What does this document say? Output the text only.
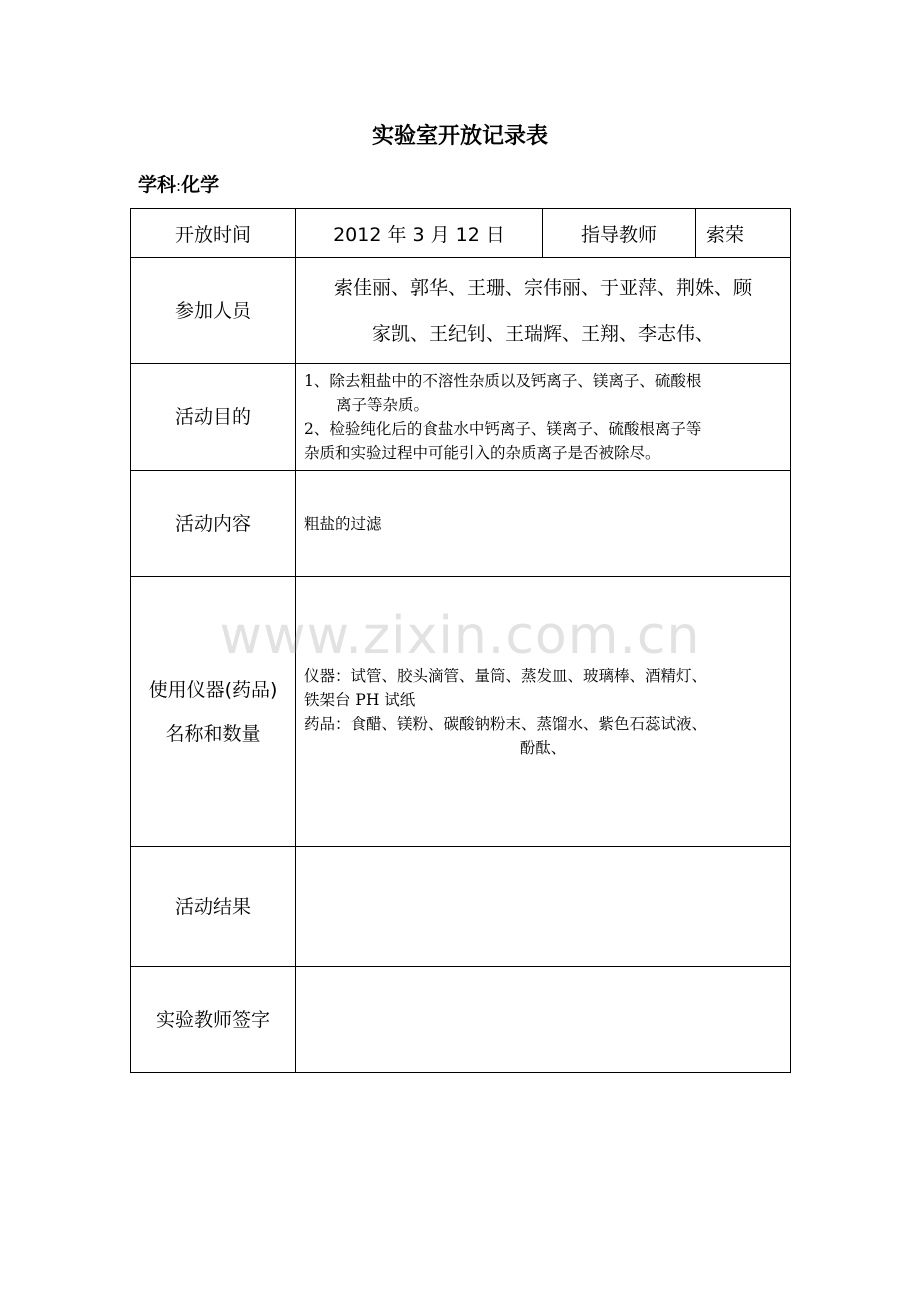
实验室开放记录表
学科:化学
开放时间	2012 年 3 月 12 日	指导教师	索荣
参加人员	索佳丽、郭华、王珊、宗伟丽、于亚萍、荆姝、顾
家凯、王纪钊、王瑞辉、王翔、李志伟、		

活动目的	1、除去粗盐中的不溶性杂质以及钙离子、镁离子、硫酸根
离子等杂质。
2、检验纯化后的食盐水中钙离子、镁离子、硫酸根离子等
杂质和实验过程中可能引入的杂质离子是否被除尽。		

活动内容	粗盐的过滤		

使用仪器(药品)
名称和数量	仪器：试管、胶头滴管、量筒、蒸发皿、玻璃棒、酒精灯、
铁架台 PH 试纸
药品：食醋、镁粉、碳酸钠粉末、蒸馏水、紫色石蕊试液、
酚酞、		

活动结果			
实验教师签字			
www.zixin.com.cn
